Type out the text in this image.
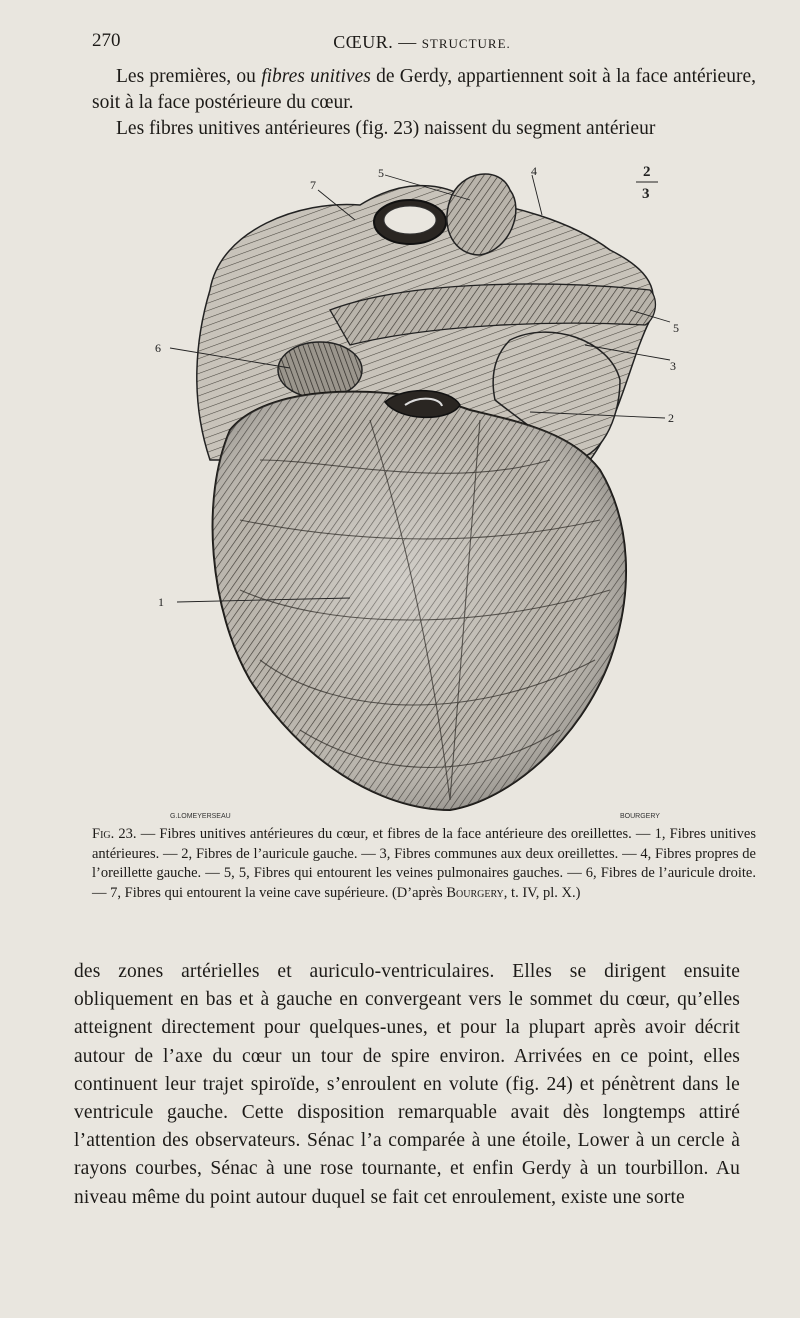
270	CŒUR. — STRUCTURE.

Les premières, ou fibres unitives de Gerdy, appartiennent soit à la face antérieure, soit à la face postérieure du cœur.

Les fibres unitives antérieures (fig. 23) naissent du segment antérieur

1
2
3
4
5
5
6
7
2
3
G.LOMEYERSEAU	BOURGERY

Fig. 23. — Fibres unitives antérieures du cœur, et fibres de la face antérieure des oreillettes. — 1, Fibres unitives antérieures. — 2, Fibres de l’auricule gauche. — 3, Fibres communes aux deux oreillettes. — 4, Fibres propres de l’oreillette gauche. — 5, 5, Fibres qui entourent les veines pulmonaires gauches. — 6, Fibres de l’auricule droite. — 7, Fibres qui entourent la veine cave supérieure. (D’après Bourgery, t. IV, pl. X.)

des zones artérielles et auriculo-ventriculaires. Elles se dirigent ensuite obliquement en bas et à gauche en convergeant vers le sommet du cœur, qu’elles atteignent directement pour quelques-unes, et pour la plupart après avoir décrit autour de l’axe du cœur un tour de spire environ. Arrivées en ce point, elles continuent leur trajet spiroïde, s’enroulent en volute (fig. 24) et pénètrent dans le ventricule gauche. Cette disposition remarquable avait dès longtemps attiré l’attention des observateurs. Sénac l’a comparée à une étoile, Lower à un cercle à rayons courbes, Sénac à une rose tournante, et enfin Gerdy à un tourbillon. Au niveau même du point autour duquel se fait cet enroulement, existe une sorte
